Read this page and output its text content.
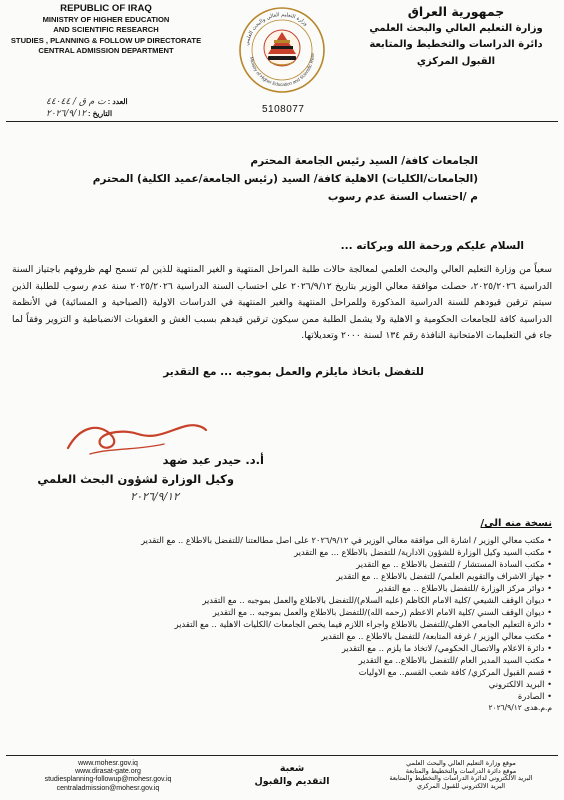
REPUBLIC OF IRAQ
MINISTRY OF HIGHER EDUCATION
AND SCIENTIFIC RESEARCH
STUDIES , PLANNING & FOLLOW UP DIRECTORATE
CENTRAL ADMISSION DEPARTMENT
العدد : ت م ق / ٤٤٠٤٤
التاريخ : ٢٠٢٦/٩/١٢
وزارة التعليم العالي والبحث العلمي
Ministry of Higher Education and Scientific Rese
5108077
جمهورية العراق
وزارة التعليم العالي والبحث العلمي
دائرة الدراسات والتخطيط والمتابعة
القبول المركزي
الجامعات كافة/ السيد رئيس الجامعة المحترم
(الجامعات/الكليات) الاهلية كافة/ السيد (رئيس الجامعة/عميد الكلية) المحترم
م /احتساب السنة عدم رسوب
السلام عليكم ورحمة الله وبركاته ...
سعياً من وزارة التعليم العالي والبحث العلمي لمعالجة حالات طلبة المراحل المنتهية و الغير المنتهية للذين لم تسمح لهم ظروفهم باجتياز السنة الدراسية ٢٠٢٥/٢٠٢٦، حصلت موافقة معالي الوزير بتاريخ ٢٠٢٦/٩/١٢ على احتساب السنة الدراسية ٢٠٢٥/٢٠٢٦ سنة عدم رسوب للطلبة الذين سيتم ترقين قيودهم للسنة الدراسية المذكورة وللمراحل المنتهية والغير المنتهية في الدراسات الاولية (الصباحية و المسائية) في الأنظمة الدراسية كافة للجامعات الحكومية و الاهلية ولا يشمل الطلبة ممن سيكون ترقين قيدهم بسبب الغش و العقوبات الانضباطية و التزوير وفقاً لما جاء في التعليمات الامتحانية النافذة رقم ١٣٤ لسنة ٢٠٠٠ وتعديلاتها.
للتفضل باتخاذ مايلزم والعمل بموجبه ... مع التقدير
أ.د. حيدر عبد ضهد
وكيل الوزارة لشؤون البحث العلمي
٢٠٢٦/٩/١٢
نسخة منه الى/
• مكتب معالي الوزير / اشارة الى موافقة معالي الوزير في ٢٠٢٦/٩/١٢ على اصل مطالعتنا /للتفضل بالاطلاع .. مع التقدير
• مكتب السيد وكيل الوزارة للشؤون الادارية/ للتفضل بالاطلاع ... مع التقدير
• مكتب السادة المستشار / للتفضل بالاطلاع .. مع التقدير
• جهاز الاشراف والتقويم العلمي/ للتفضل بالاطلاع .. مع التقدير
• دوائر مركز الوزارة /للتفضل بالاطلاع .. مع التقدير
• ديوان الوقف الشيعي /كلية الامام الكاظم (عليه السلام)/للتفضل بالاطلاع والعمل بموجبه .. مع التقدير
• ديوان الوقف السني /كلية الامام الاعظم (رحمه الله)/للتفضل بالاطلاع والعمل بموجبه .. مع التقدير
• دائرة التعليم الجامعي الاهلي/للتفضل بالاطلاع واجراء اللازم فيما يخص الجامعات /الكليات الاهلية .. مع التقدير
• مكتب معالي الوزير / غرفة المتابعة/ للتفضل بالاطلاع .. مع التقدير
• دائرة الاعلام والاتصال الحكومي/ لاتخاذ ما يلزم .. مع التقدير
• مكتب السيد المدير العام /للتفضل بالاطلاع.. مع التقدير
• قسم القبول المركزي/ كافة شعب القسم.. مع الاوليات
• البريد الالكتروني
• الصادرة
م.م.هدى ٢٠٢٦/٩/١٢
www.mohesr.gov.iq
www.dirasat-gate.org
studiesplanning-followup@mohesr.gov.iq
centraladmission@mohesr.gov.iq
شعبة
التقديم والقبول
موقع وزارة التعليم العالي والبحث العلمي
موقع دائرة الدراسات والتخطيط والمتابعة
البريد الالكتروني لدائرة الدراسات والتخطيط والمتابعة
البريد الالكتروني للقبول المركزي
